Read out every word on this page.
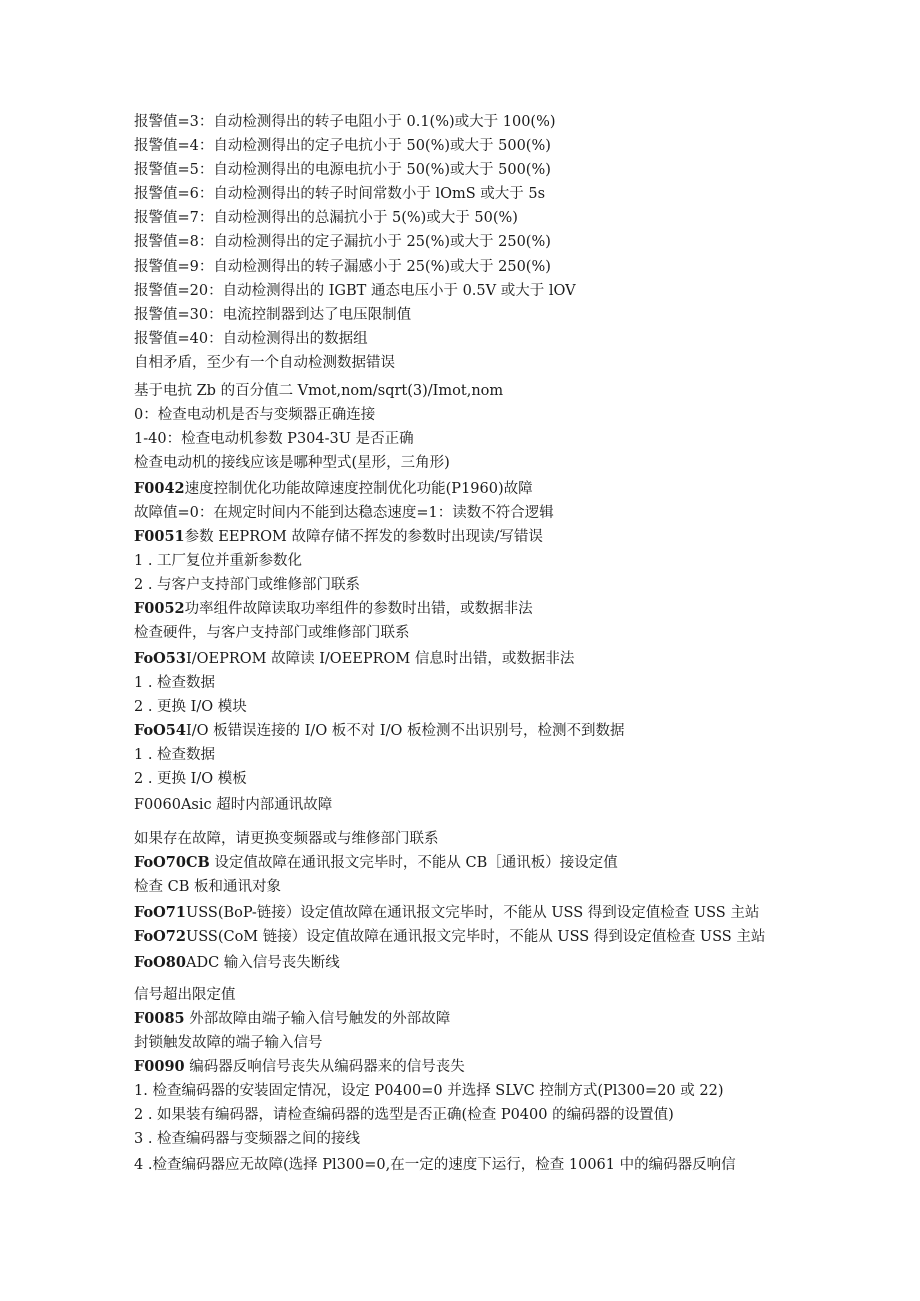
报警值=3：自动检测得出的转子电阻小于 0.1(%)或大于 100(%)
报警值=4：自动检测得出的定子电抗小于 50(%)或大于 500(%)
报警值=5：自动检测得出的电源电抗小于 50(%)或大于 500(%)
报警值=6：自动检测得出的转子时间常数小于 lOmS 或大于 5s
报警值=7：自动检测得出的总漏抗小于 5(%)或大于 50(%)
报警值=8：自动检测得出的定子漏抗小于 25(%)或大于 250(%)
报警值=9：自动检测得出的转子漏感小于 25(%)或大于 250(%)
报警值=20：自动检测得出的 IGBT 通态电压小于 0.5V 或大于 lOV
报警值=30：电流控制器到达了电压限制值
报警值=40：自动检测得出的数据组
自相矛盾，至少有一个自动检测数据错误
基于电抗 Zb 的百分值二 Vmot,nom/sqrt(3)/Imot,nom
0：检查电动机是否与变频器正确连接
1-40：检查电动机参数 P304-3U 是否正确
检查电动机的接线应该是哪种型式(星形，三角形)
F0042速度控制优化功能故障速度控制优化功能(P1960)故障
故障值=0：在规定时间内不能到达稳态速度=1：读数不符合逻辑
F0051参数 EEPROM 故障存储不挥发的参数时出现读/写错误
1 . 工厂复位并重新参数化
2 . 与客户支持部门或维修部门联系
F0052功率组件故障读取功率组件的参数时出错，或数据非法
检查硬件，与客户支持部门或维修部门联系
FoO53I/OEPROM 故障读 I/OEEPROM 信息时出错，或数据非法
1 . 检查数据
2 . 更换 I/O 模块
FoO54I/O 板错误连接的 I/O 板不对 I/O 板检测不出识别号，检测不到数据
1 . 检查数据
2 . 更换 I/O 模板
F0060Asic 超时内部通讯故障
如果存在故障，请更换变频器或与维修部门联系
FoO70CB 设定值故障在通讯报文完毕时，不能从 CB［通讯板）接设定值
检查 CB 板和通讯对象
FoO71USS(BoP-链接）设定值故障在通讯报文完毕时，不能从 USS 得到设定值检查 USS 主站
FoO72USS(CoM 链接）设定值故障在通讯报文完毕时，不能从 USS 得到设定值检查 USS 主站
FoO80ADC 输入信号丧失断线
信号超出限定值
F0085 外部故障由端子输入信号触发的外部故障
封锁触发故障的端子输入信号
F0090 编码器反响信号丧失从编码器来的信号丧失
1. 检查编码器的安装固定情况，设定 P0400=0 并选择 SLVC 控制方式(Pl300=20 或 22)
2 . 如果装有编码器，请检查编码器的选型是否正确(检查 P0400 的编码器的设置值)
3 . 检查编码器与变频器之间的接线
4 .检查编码器应无故障(选择 Pl300=0,在一定的速度下运行，检查 10061 中的编码器反响信
